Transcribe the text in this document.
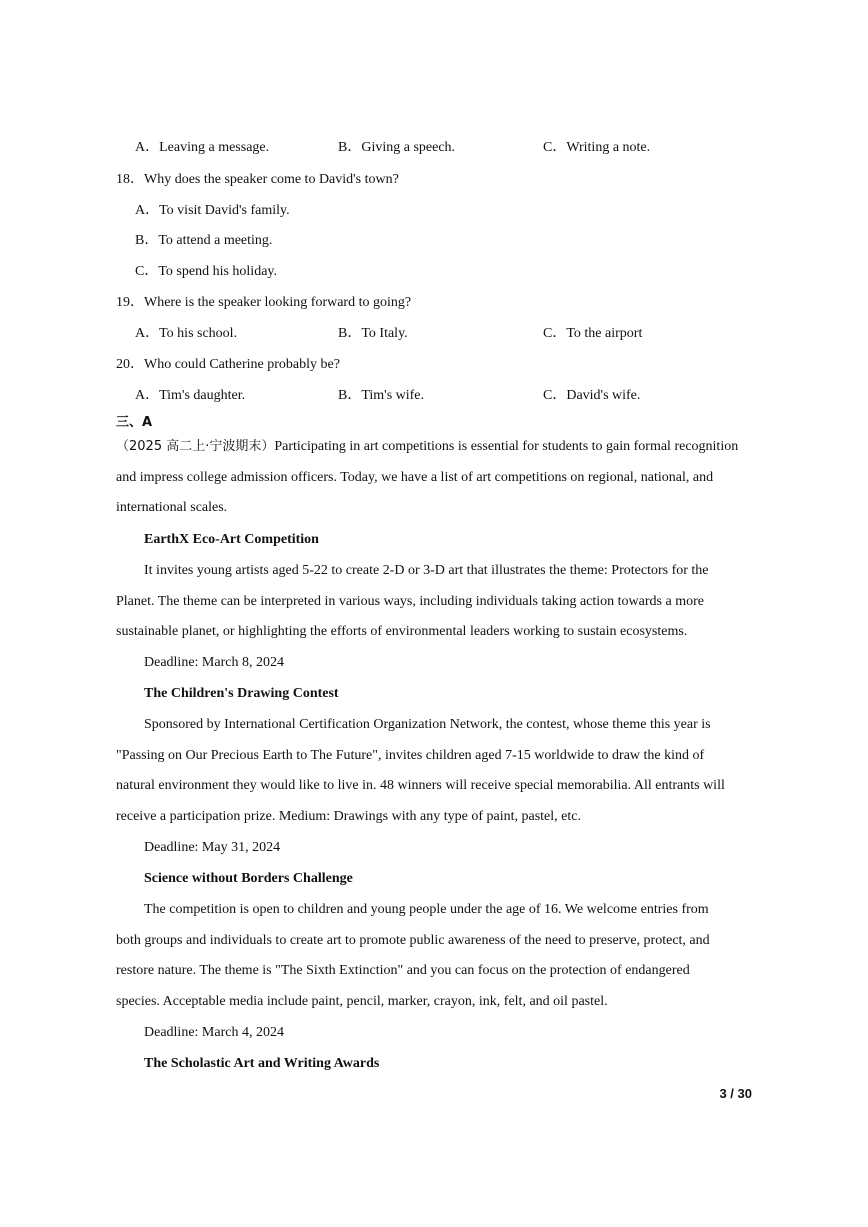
A．Leaving a message.	B．Giving a speech.	C．Writing a note.
18．Why does the speaker come to David's town?
A．To visit David's family.
B．To attend a meeting.
C．To spend his holiday.
19．Where is the speaker looking forward to going?
A．To his school.	B．To Italy.	C．To the airport
20．Who could Catherine probably be?
A．Tim's daughter.	B．Tim's wife.	C．David's wife.
三、A
（2025 高二上·宁波期末）Participating in art competitions is essential for students to gain formal recognition
and impress college admission officers. Today, we have a list of art competitions on regional, national, and
international scales.
EarthX Eco-Art Competition
It invites young artists aged 5-22 to create 2-D or 3-D art that illustrates the theme: Protectors for the
Planet. The theme can be interpreted in various ways, including individuals taking action towards a more
sustainable planet, or highlighting the efforts of environmental leaders working to sustain ecosystems.
Deadline: March 8, 2024
The Children's Drawing Contest
Sponsored by International Certification Organization Network, the contest, whose theme this year is
"Passing on Our Precious Earth to The Future", invites children aged 7-15 worldwide to draw the kind of
natural environment they would like to live in. 48 winners will receive special memorabilia. All entrants will
receive a participation prize. Medium: Drawings with any type of paint, pastel, etc.
Deadline: May 31, 2024
Science without Borders Challenge
The competition is open to children and young people under the age of 16. We welcome entries from
both groups and individuals to create art to promote public awareness of the need to preserve, protect, and
restore nature. The theme is "The Sixth Extinction" and you can focus on the protection of endangered
species. Acceptable media include paint, pencil, marker, crayon, ink, felt, and oil pastel.
Deadline: March 4, 2024
The Scholastic Art and Writing Awards
3 / 30
